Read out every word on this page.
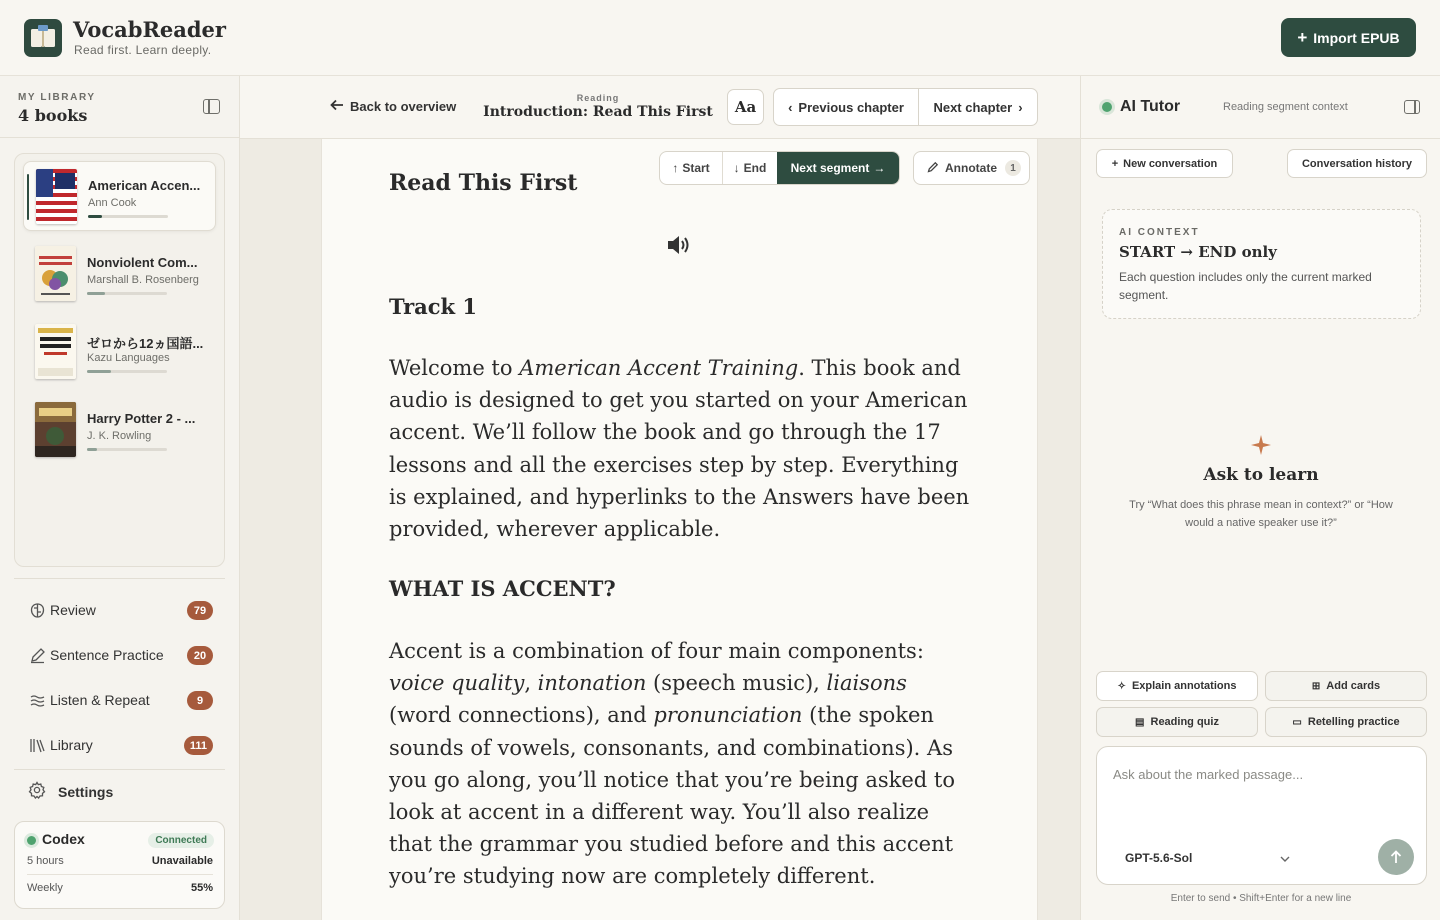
VocabReader
Read first. Learn deeply.
+ Import EPUB
MY LIBRARY
4 books
American Accen...
Ann Cook
Nonviolent Com...
Marshall B. Rosenberg
ゼロから12ヵ国語...
Kazu Languages
Harry Potter 2 - ...
J. K. Rowling
Review	79
Sentence Practice	20
Listen & Repeat	9
Library	111
Settings
Codex	Connected
5 hours	Unavailable
Weekly	55%
Back to overview
Reading
Introduction: Read This First	Aa	‹ Previous chapter Next chapter ›
↑ Start ↓ End Next segment →	Annotate	1
Read This First
Track 1
Welcome to American Accent Training. This book and audio is designed to get you started on your American accent. We’ll follow the book and go through the 17 lessons and all the exercises step by step. Everything is explained, and hyperlinks to the Answers have been provided, wherever applicable.
WHAT IS ACCENT?
Accent is a combination of four main components: voice quality, intonation (speech music), liaisons (word connections), and pronunciation (the spoken sounds of vowels, consonants, and combinations). As you go along, you’ll notice that you’re being asked to look at accent in a different way. You’ll also realize that the grammar you studied before and this accent you’re studying now are completely different.
AI Tutor	Reading segment context
+ New conversation	Conversation history
AI CONTEXT
START → END only
Each question includes only the current marked segment.
Ask to learn
Try “What does this phrase mean in context?” or “How would a native speaker use it?”
✧ Explain annotations	⊞ Add cards
▤ Reading quiz	▭ Retelling practice
Ask about the marked passage...
GPT-5.6-Sol
Enter to send • Shift+Enter for a new line
